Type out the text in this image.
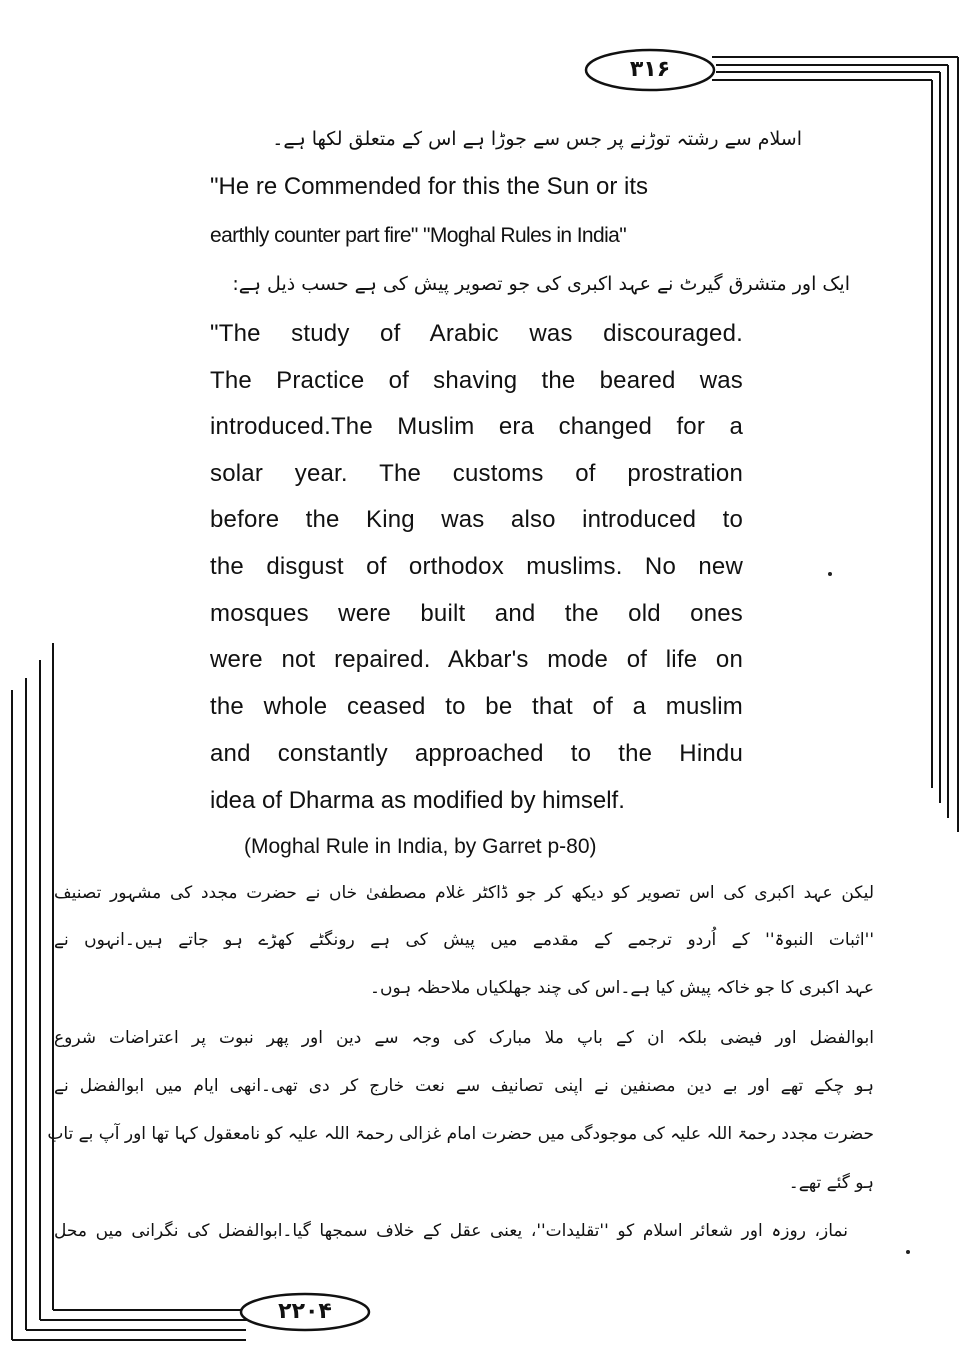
۳۱۶
۲۲۰۴
اسلام سے رشتہ توڑنے پر جس سے جوڑا ہے اس کے متعلق لکھا ہے۔
"He re Commended for this the Sun or its
earthly counter part fire" "Moghal Rules in India"
ایک اور متشرق گیرٹ نے عہد اکبری کی جو تصویر پیش کی ہے حسب ذیل ہے:
"The study of Arabic was discouraged.
The Practice of shaving the beared was
introduced.The Muslim era changed for a
solar year. The customs of prostration
before the King was also introduced to
the disgust of orthodox muslims. No new
mosques were built and the old ones
were not repaired. Akbar's mode of life on
the whole ceased to be that of a muslim
and constantly approached to the Hindu
idea of Dharma as modified by himself.
(Moghal Rule in India, by Garret p-80)
لیکن عہد اکبری کی اس تصویر کو دیکھ کر جو ڈاکٹر غلام مصطفیٰ خاں نے حضرت مجدد کی مشہور تصنیف
''اثبات النبوۃ'' کے اُردو ترجمے کے مقدمے میں پیش کی ہے رونگٹے کھڑے ہو جاتے ہیں۔انہوں نے
عہد اکبری کا جو خاکہ پیش کیا ہے۔اس کی چند جھلکیاں ملاحظہ ہوں۔
ابوالفضل اور فیضی بلکہ ان کے باپ ملا مبارک کی وجہ سے دین اور پھر نبوت پر اعتراضات شروع
ہو چکے تھے اور بے دین مصنفین نے اپنی تصانیف سے نعت خارج کر دی تھی۔انھی ایام میں ابوالفضل نے
حضرت مجدد رحمۃ اللہ علیہ کی موجودگی میں حضرت امام غزالی رحمۃ اللہ علیہ کو نامعقول کہا تھا اور آپ بے تاب
ہو گئے تھے۔
نماز، روزہ اور شعائر اسلام کو ''تقلیدات''، یعنی عقل کے خلاف سمجھا گیا۔ابوالفضل کی نگرانی میں محل
